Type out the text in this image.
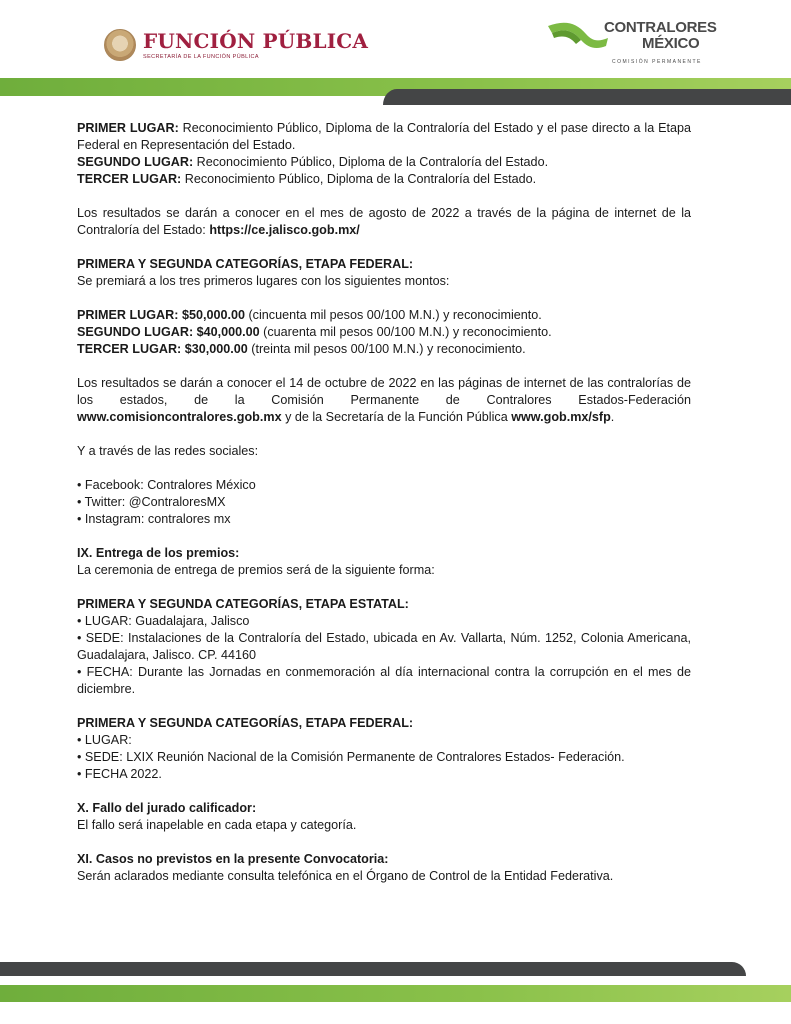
FUNCIÓN PÚBLICA
SECRETARÍA DE LA FUNCIÓN PÚBLICA
CONTRALORES
MÉXICO
COMISIÓN PERMANENTE

PRIMER LUGAR: Reconocimiento Público, Diploma de la Contraloría del Estado y el pase directo a la Etapa Federal en Representación del Estado.

SEGUNDO LUGAR: Reconocimiento Público, Diploma de la Contraloría del Estado.

TERCER LUGAR: Reconocimiento Público, Diploma de la Contraloría del Estado.

Los resultados se darán a conocer en el mes de agosto de 2022 a través de la página de internet de la Contraloría del Estado: https://ce.jalisco.gob.mx/

PRIMERA Y SEGUNDA CATEGORÍAS, ETAPA FEDERAL:

Se premiará a los tres primeros lugares con los siguientes montos:

PRIMER LUGAR: $50,000.00 (cincuenta mil pesos 00/100 M.N.) y reconocimiento.

SEGUNDO LUGAR: $40,000.00 (cuarenta mil pesos 00/100 M.N.) y reconocimiento.

TERCER LUGAR: $30,000.00 (treinta mil pesos 00/100 M.N.) y reconocimiento.

Los resultados se darán a conocer el 14 de octubre de 2022 en las páginas de internet de las contralorías de los estados, de la Comisión Permanente de Contralores Estados-Federación www.comisioncontralores.gob.mx y de la Secretaría de la Función Pública www.gob.mx/sfp.

Y a través de las redes sociales:

• Facebook: Contralores México

• Twitter: @ContraloresMX

• Instagram: contralores mx

IX. Entrega de los premios:

La ceremonia de entrega de premios será de la siguiente forma:

PRIMERA Y SEGUNDA CATEGORÍAS, ETAPA ESTATAL:

• LUGAR: Guadalajara, Jalisco

• SEDE: Instalaciones de la Contraloría del Estado, ubicada en Av. Vallarta, Núm. 1252, Colonia Americana, Guadalajara, Jalisco. CP. 44160

• FECHA: Durante las Jornadas en conmemoración al día internacional contra la corrupción en el mes de diciembre.

PRIMERA Y SEGUNDA CATEGORÍAS, ETAPA FEDERAL:

• LUGAR:

• SEDE: LXIX Reunión Nacional de la Comisión Permanente de Contralores Estados- Federación.

• FECHA 2022.

X. Fallo del jurado calificador:

El fallo será inapelable en cada etapa y categoría.

XI. Casos no previstos en la presente Convocatoria:

Serán aclarados mediante consulta telefónica en el Órgano de Control de la Entidad Federativa.
